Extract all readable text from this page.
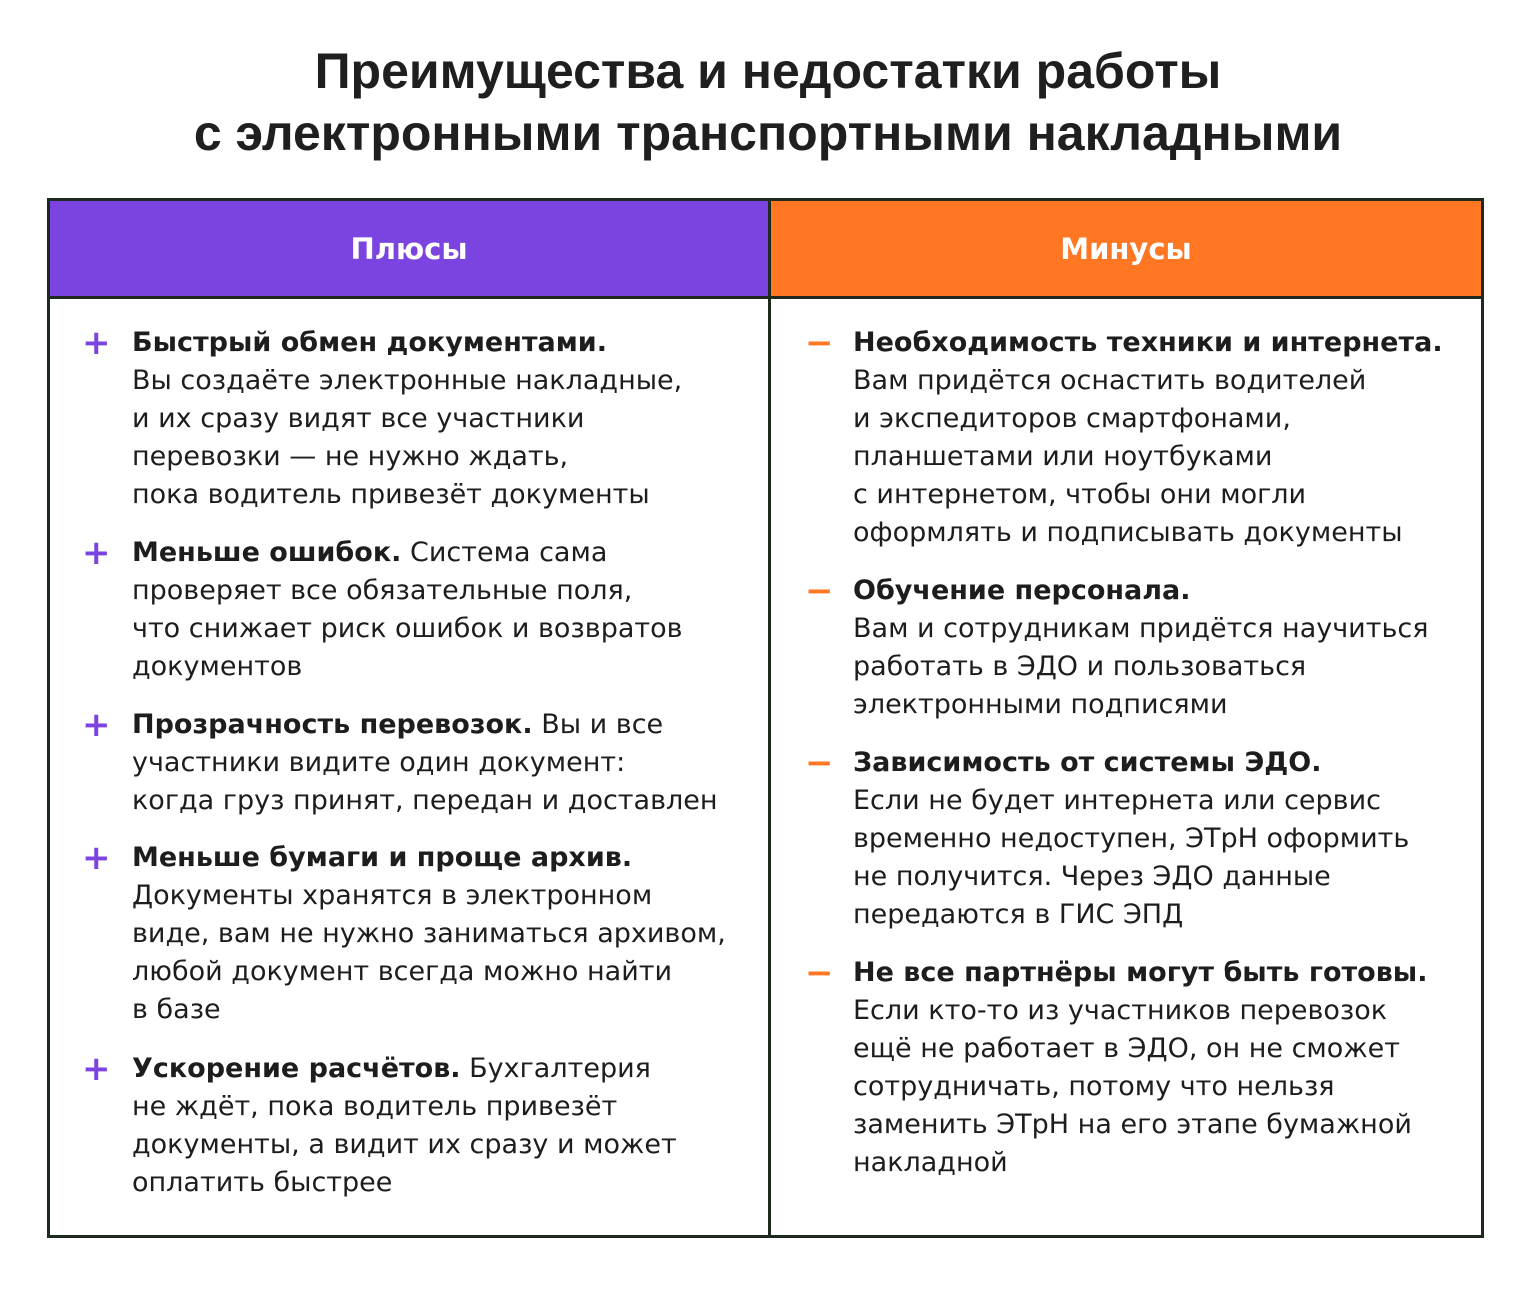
Преимущества и недостатки работы
с электронными транспортными накладными
Плюсы
+ Быстрый обмен документами.
Вы создаёте электронные накладные,
и их сразу видят все участники
перевозки — не нужно ждать,
пока водитель привезёт документы
+ Меньше ошибок. Система сама
проверяет все обязательные поля,
что снижает риск ошибок и возвратов
документов
+ Прозрачность перевозок. Вы и все
участники видите один документ:
когда груз принят, передан и доставлен
+ Меньше бумаги и проще архив.
Документы хранятся в электронном
виде, вам не нужно заниматься архивом,
любой документ всегда можно найти
в базе
+ Ускорение расчётов. Бухгалтерия
не ждёт, пока водитель привезёт
документы, а видит их сразу и может
оплатить быстрее
Минусы
− Необходимость техники и интернета.
Вам придётся оснастить водителей
и экспедиторов смартфонами,
планшетами или ноутбуками
с интернетом, чтобы они могли
оформлять и подписывать документы
− Обучение персонала.
Вам и сотрудникам придётся научиться
работать в ЭДО и пользоваться
электронными подписями
− Зависимость от системы ЭДО.
Если не будет интернета или сервис
временно недоступен, ЭТрН оформить
не получится. Через ЭДО данные
передаются в ГИС ЭПД
− Не все партнёры могут быть готовы.
Если кто-то из участников перевозок
ещё не работает в ЭДО, он не сможет
сотрудничать, потому что нельзя
заменить ЭТрН на его этапе бумажной
накладной
